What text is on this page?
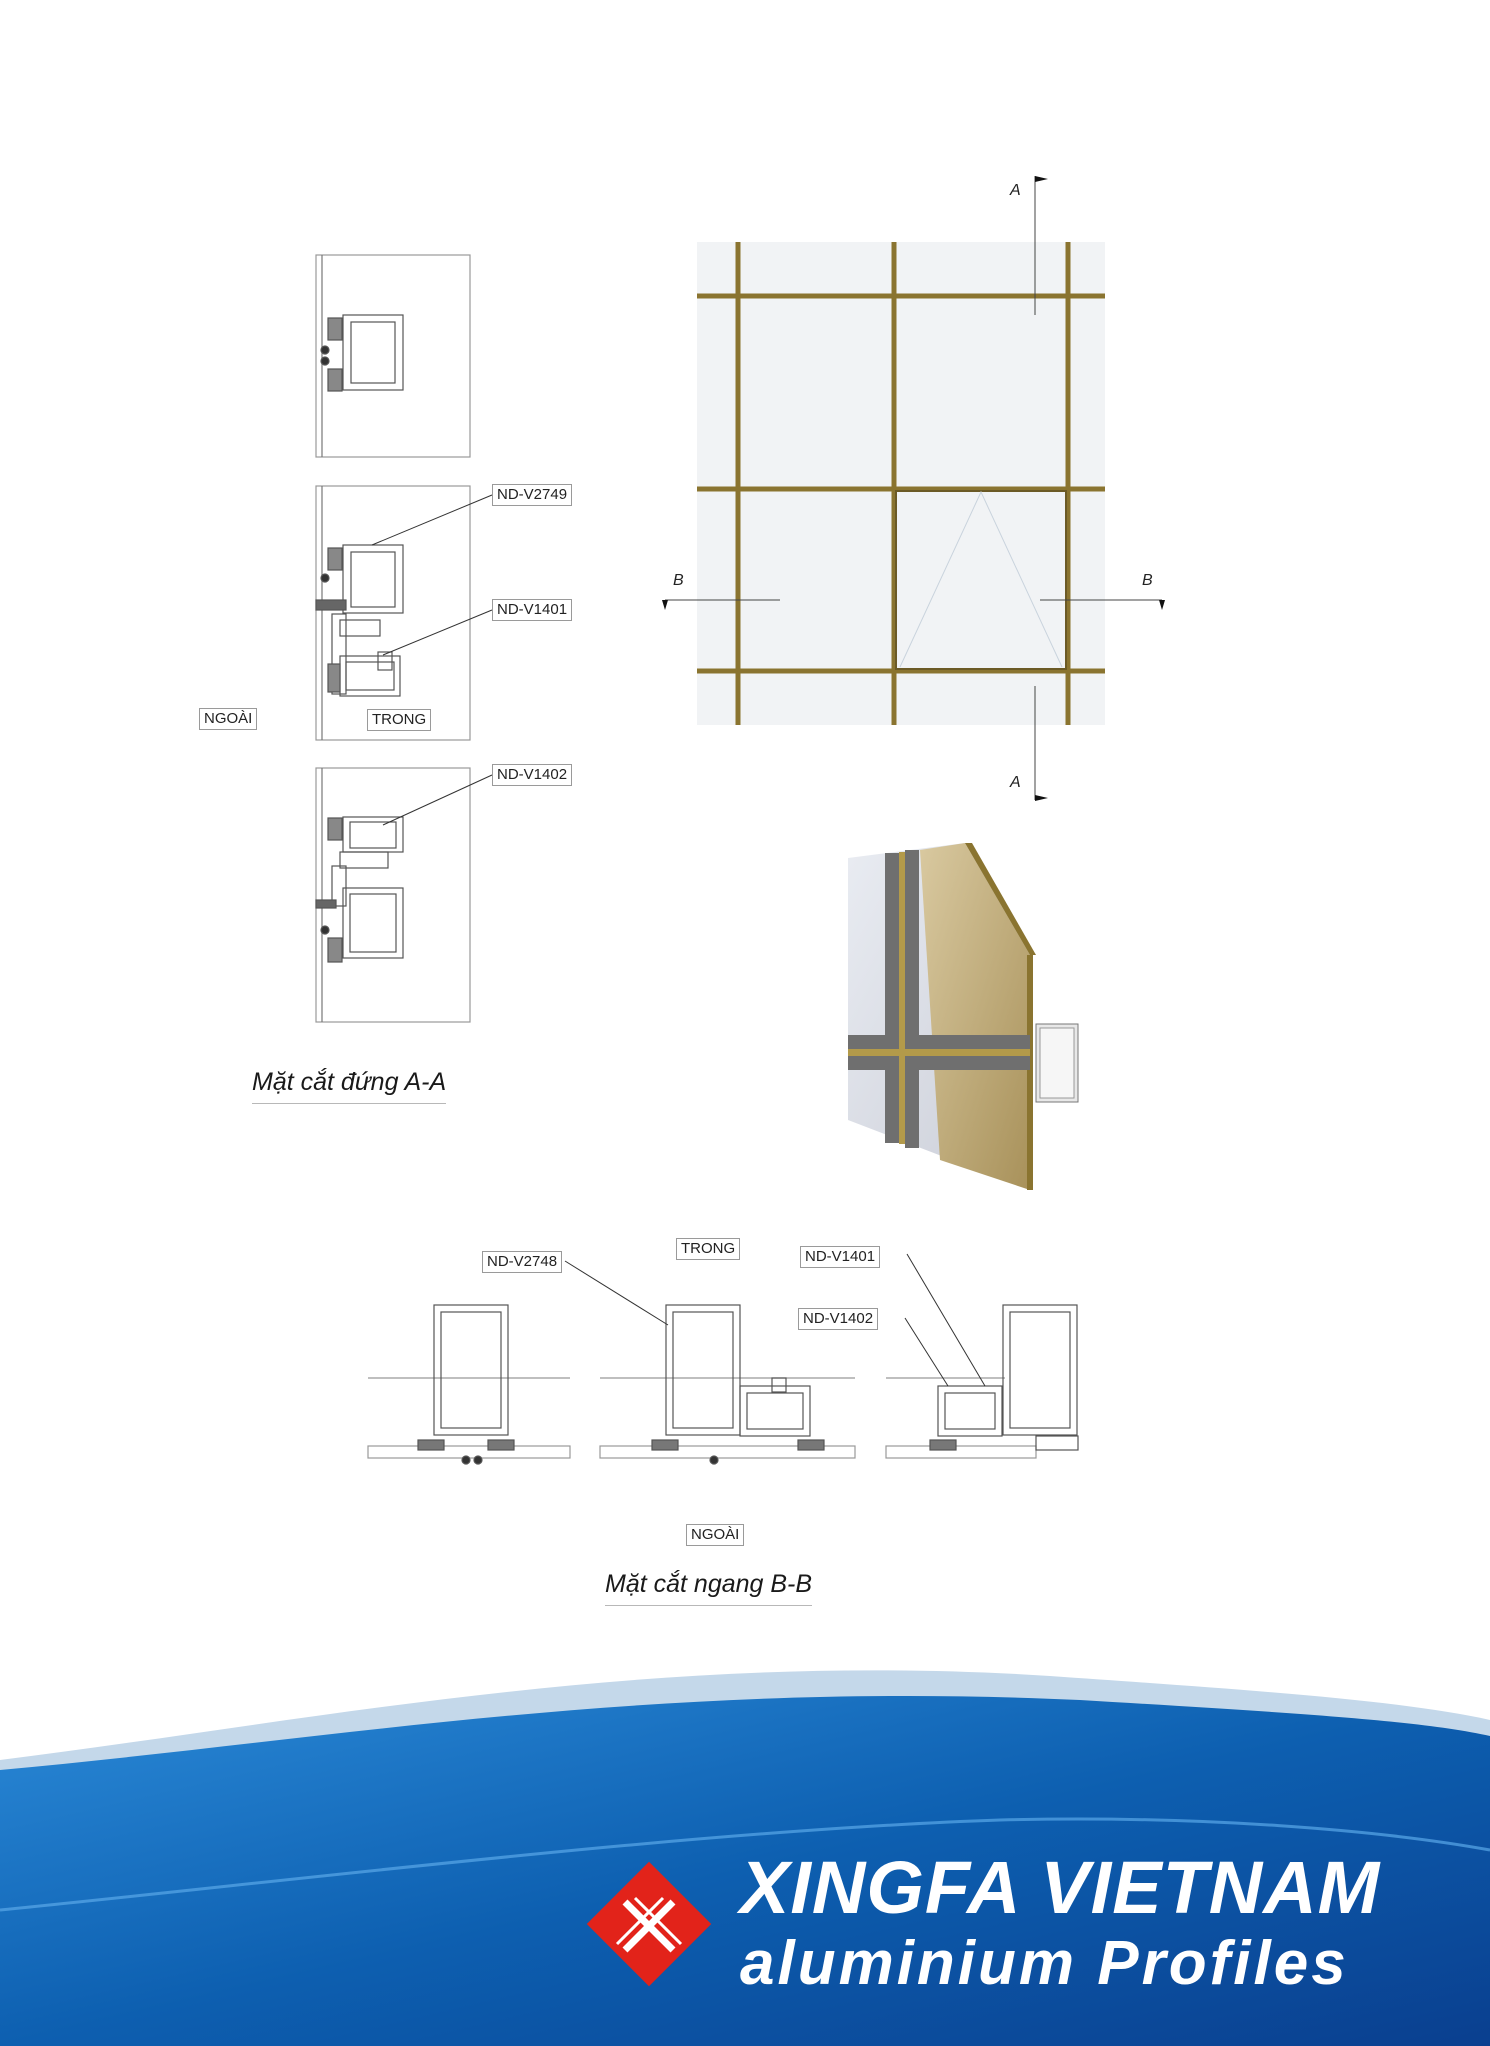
ND-V2749
ND-V1401
ND-V1402
NGOÀI	TRONG
Mặt cắt đứng A-A
A
A
B	B
ND-V2748	ND-V1401
ND-V1402
TRONG
NGOÀI
Mặt cắt ngang B-B
XINGFA VIETNAM
aluminium Profiles
